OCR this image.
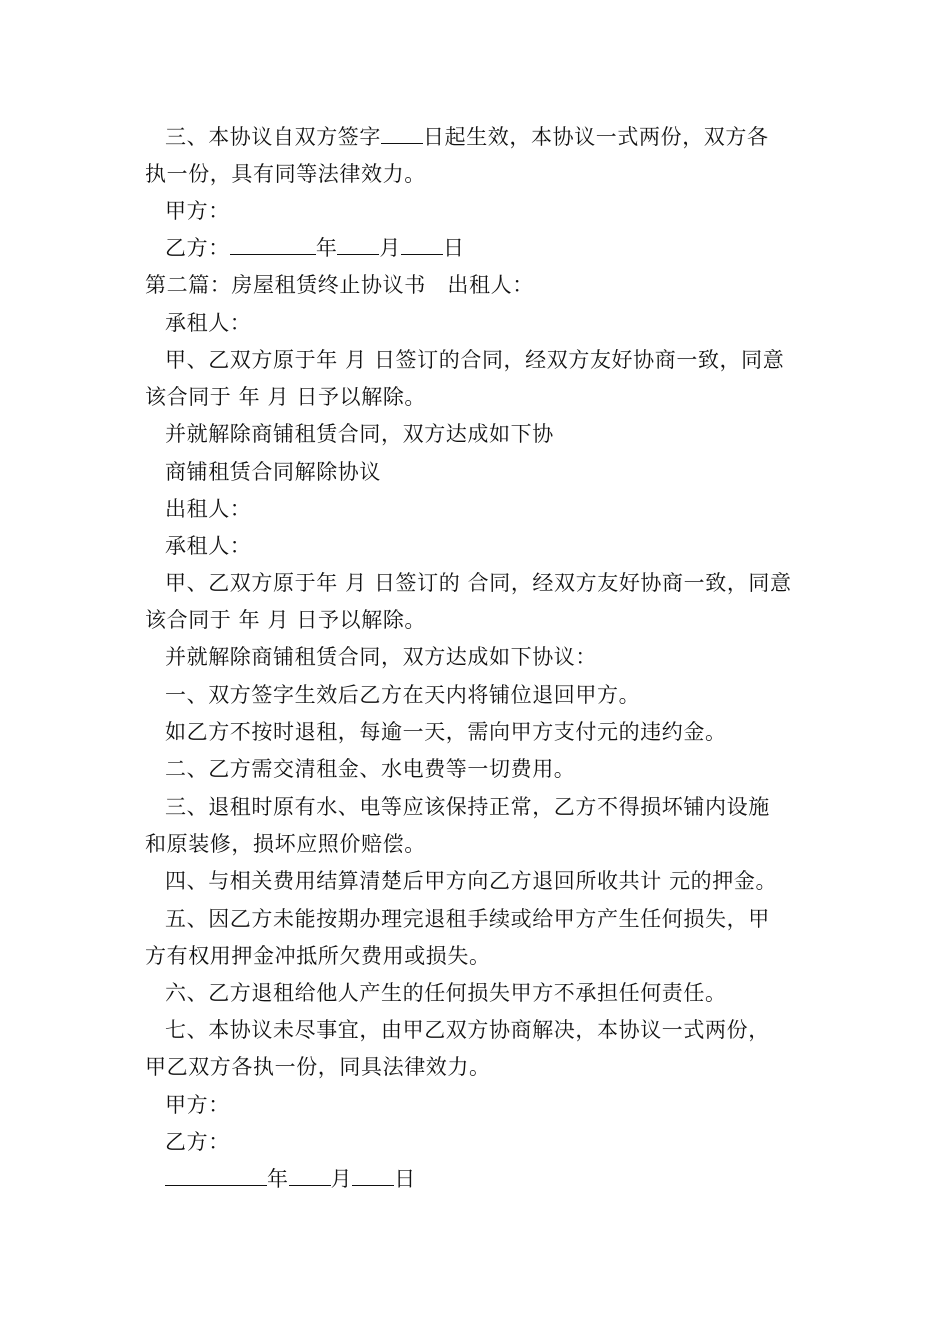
三、本协议自双方签字 日起生效，本协议一式两份，双方各
执一份，具有同等法律效力。
甲方：
乙方：	年 月 日
第二篇：房屋租赁终止协议书　出租人：
承租人：
甲、乙双方原于年 月 日签订的合同，经双方友好协商一致，同意
该合同于 年 月 日予以解除。
并就解除商铺租赁合同，双方达成如下协
商铺租赁合同解除协议
出租人：
承租人：
甲、乙双方原于年 月 日签订的 合同，经双方友好协商一致，同意
该合同于 年 月 日予以解除。
并就解除商铺租赁合同，双方达成如下协议：
一、双方签字生效后乙方在天内将铺位退回甲方。
如乙方不按时退租，每逾一天，需向甲方支付元的违约金。
二、乙方需交清租金、水电费等一切费用。
三、退租时原有水、电等应该保持正常，乙方不得损坏铺内设施
和原装修，损坏应照价赔偿。
四、与相关费用结算清楚后甲方向乙方退回所收共计 元的押金。
五、因乙方未能按期办理完退租手续或给甲方产生任何损失，甲
方有权用押金冲抵所欠费用或损失。
六、乙方退租给他人产生的任何损失甲方不承担任何责任。
七、本协议未尽事宜，由甲乙双方协商解决，本协议一式两份，
甲乙双方各执一份，同具法律效力。
甲方：
乙方：
年 月 日
